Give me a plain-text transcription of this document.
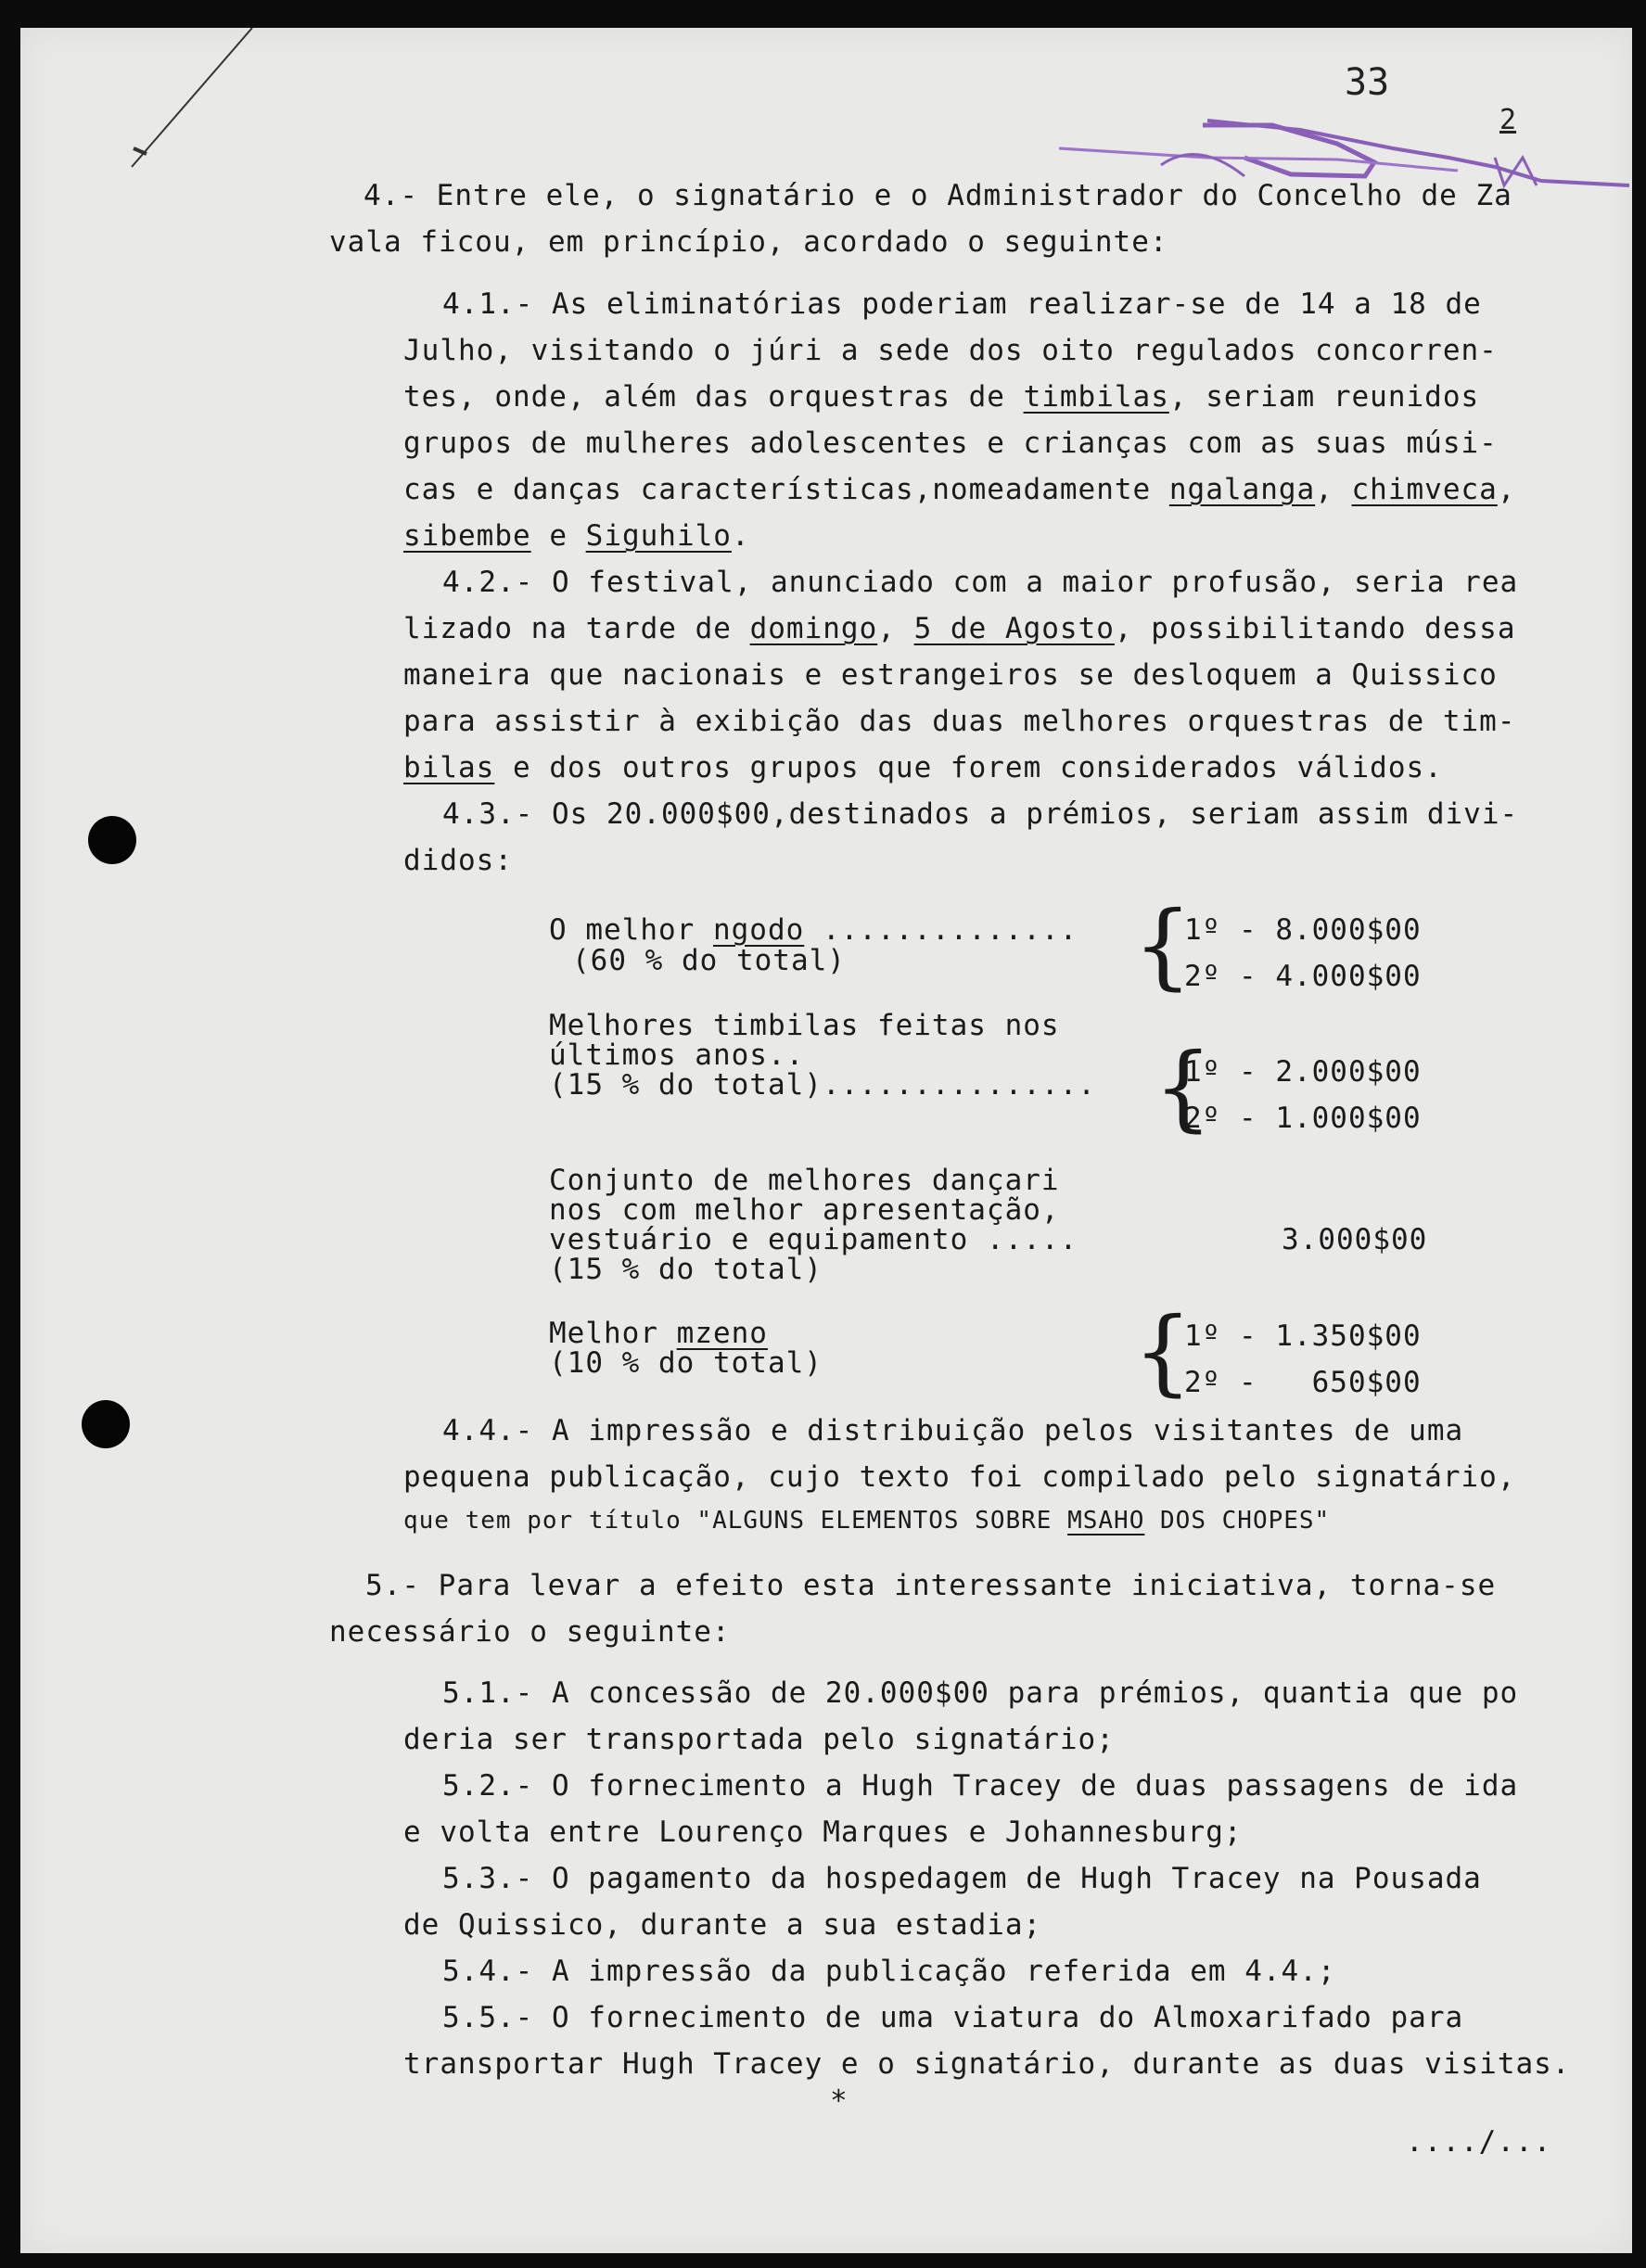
33
2
4.- Entre ele, o signatário e o Administrador do Concelho de Za
vala ficou, em princípio, acordado o seguinte:
4.1.- As eliminatórias poderiam realizar-se de 14 a 18 de
Julho, visitando o júri a sede dos oito regulados concorren-
tes, onde, além das orquestras de timbilas, seriam reunidos
grupos de mulheres adolescentes e crianças com as suas músi-
cas e danças características,nomeadamente ngalanga, chimveca,
sibembe e Siguhilo.
4.2.- O festival, anunciado com a maior profusão, seria rea
lizado na tarde de domingo, 5 de Agosto, possibilitando dessa
maneira que nacionais e estrangeiros se desloquem a Quissico
para assistir à exibição das duas melhores orquestras de tim-
bilas e dos outros grupos que forem considerados válidos.
4.3.- Os 20.000$00,destinados a prémios, seriam assim divi-
didos:
O melhor ngodo ..............
(60 % do total)	{
1º - 8.000$00
2º - 4.000$00
Melhores timbilas feitas nos
últimos anos..
(15 % do total)............... {
1º - 2.000$00
2º - 1.000$00
Conjunto de melhores dançari
nos com melhor apresentação,
vestuário e equipamento .....
(15 % do total)
3.000$00
Melhor mzeno
(10 % do total)	{
1º - 1.350$00
2º -   650$00
4.4.- A impressão e distribuição pelos visitantes de uma
pequena publicação, cujo texto foi compilado pelo signatário,
que tem por título "ALGUNS ELEMENTOS SOBRE MSAHO DOS CHOPES"
5.- Para levar a efeito esta interessante iniciativa, torna-se
necessário o seguinte:
5.1.- A concessão de 20.000$00 para prémios, quantia que po
deria ser transportada pelo signatário;
5.2.- O fornecimento a Hugh Tracey de duas passagens de ida
e volta entre Lourenço Marques e Johannesburg;
5.3.- O pagamento da hospedagem de Hugh Tracey na Pousada
de Quissico, durante a sua estadia;
5.4.- A impressão da publicação referida em 4.4.;
5.5.- O fornecimento de uma viatura do Almoxarifado para
transportar Hugh Tracey e o signatário, durante as duas visitas.
*
..../...
